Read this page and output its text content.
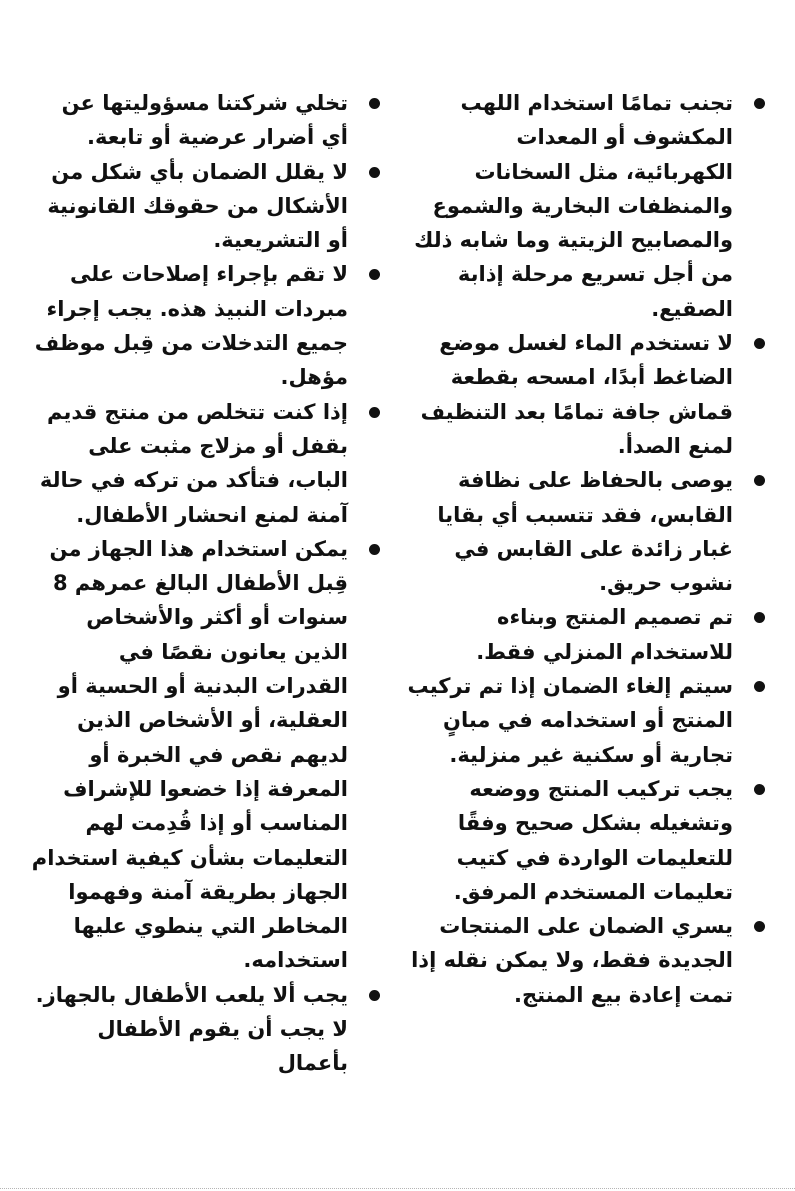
تجنب تمامًا استخدام اللهب المكشوف أو المعدات الكهربائية، مثل السخانات والمنظفات البخارية والشموع والمصابيح الزيتية وما شابه ذلك من أجل تسريع مرحلة إذابة الصقيع.
لا تستخدم الماء لغسل موضع الضاغط أبدًا، امسحه بقطعة قماش جافة تمامًا بعد التنظيف لمنع الصدأ.
يوصى بالحفاظ على نظافة القابس، فقد تتسبب أي بقايا غبار زائدة على القابس في نشوب حريق.
تم تصميم المنتج وبناءه للاستخدام المنزلي فقط.
سيتم إلغاء الضمان إذا تم تركيب المنتج أو استخدامه في مبانٍ تجارية أو سكنية غير منزلية.
يجب تركيب المنتج ووضعه وتشغيله بشكل صحيح وفقًا للتعليمات الواردة في كتيب تعليمات المستخدم المرفق.
يسري الضمان على المنتجات الجديدة فقط، ولا يمكن نقله إذا تمت إعادة بيع المنتج.
تخلي شركتنا مسؤوليتها عن أي أضرار عرضية أو تابعة.
لا يقلل الضمان بأي شكل من الأشكال من حقوقك القانونية أو التشريعية.
لا تقم بإجراء إصلاحات على مبردات النبيذ هذه. يجب إجراء جميع التدخلات من قِبل موظف مؤهل.
إذا كنت تتخلص من منتج قديم بقفل أو مزلاج مثبت على الباب، فتأكد من تركه في حالة آمنة لمنع انحشار الأطفال.
يمكن استخدام هذا الجهاز من قِبل الأطفال البالغ عمرهم 8 سنوات أو أكثر والأشخاص الذين يعانون نقصًا في القدرات البدنية أو الحسية أو العقلية، أو الأشخاص الذين لديهم نقص في الخبرة أو المعرفة إذا خضعوا للإشراف المناسب أو إذا قُدِمت لهم التعليمات بشأن كيفية استخدام الجهاز بطريقة آمنة وفهموا المخاطر التي ينطوي عليها استخدامه.
يجب ألا يلعب الأطفال بالجهاز. لا يجب أن يقوم الأطفال بأعمال
